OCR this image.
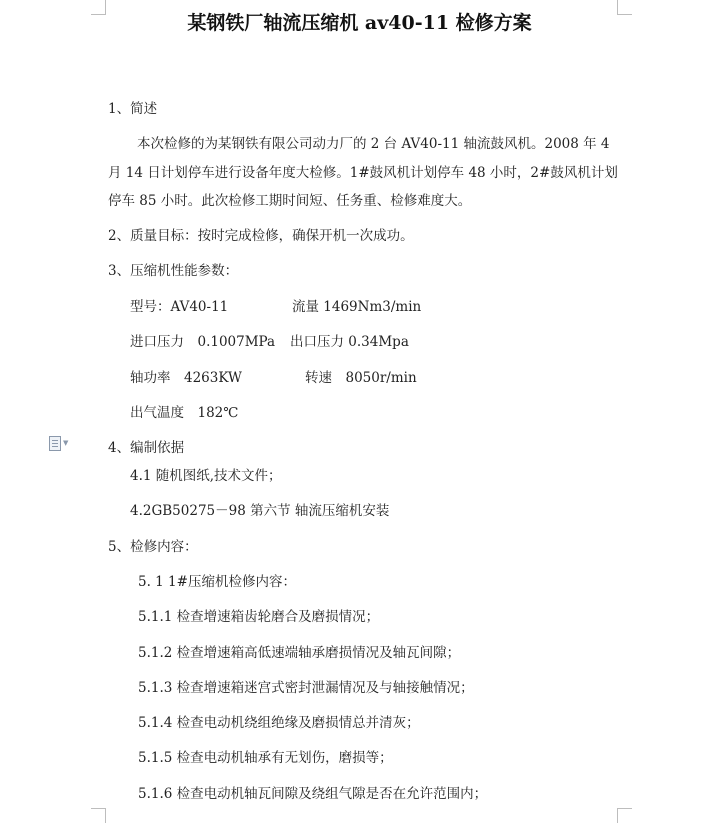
某钢铁厂轴流压缩机 av40-11 检修方案
1、简述
本次检修的为某钢铁有限公司动力厂的 2 台 AV40-11 轴流鼓风机。2008 年 4
月 14 日计划停车进行设备年度大检修。1#鼓风机计划停车 48 小时，2#鼓风机计划
停车 85 小时。此次检修工期时间短、任务重、检修难度大。
2、质量目标：按时完成检修，确保开机一次成功。
3、压缩机性能参数：
型号：AV40-11	流量 1469Nm3/min
进口压力　0.1007MPa 出口压力 0.34Mpa
轴功率　4263KW	转速　8050r/min
出气温度　182℃
▼	4、编制依据
4.1 随机图纸,技术文件；
4.2GB50275－98 第六节 轴流压缩机安装
5、检修内容：
5. 1 1#压缩机检修内容：
5.1.1 检查增速箱齿轮磨合及磨损情况；
5.1.2 检查增速箱高低速端轴承磨损情况及轴瓦间隙；
5.1.3 检查增速箱迷宫式密封泄漏情况及与轴接触情况；
5.1.4 检查电动机绕组绝缘及磨损情总并清灰；
5.1.5 检查电动机轴承有无划伤，磨损等；
5.1.6 检查电动机轴瓦间隙及绕组气隙是否在允许范围内；
